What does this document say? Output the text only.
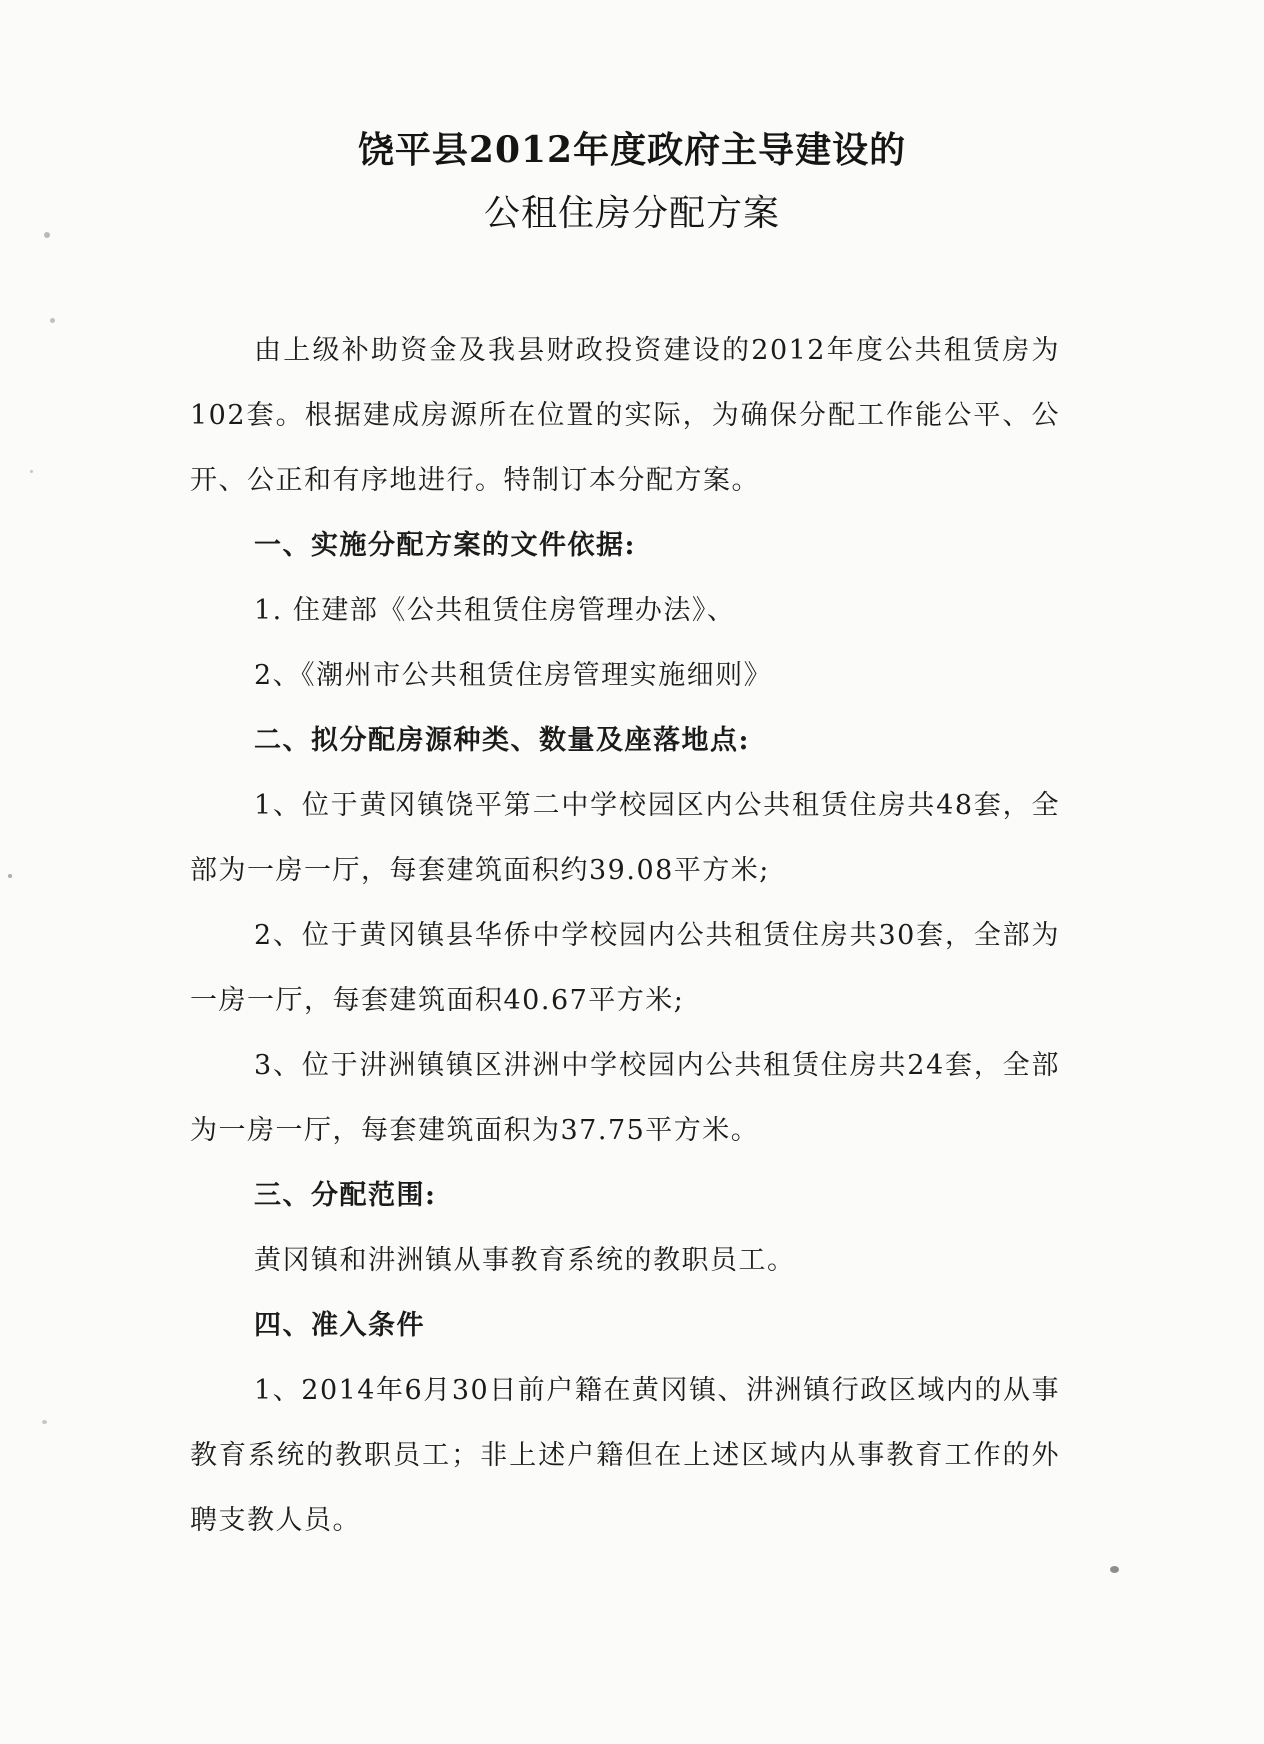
饶平县2012年度政府主导建设的
公租住房分配方案

由上级补助资金及我县财政投资建设的2012年度公共租赁房为102套。根据建成房源所在位置的实际，为确保分配工作能公平、公开、公正和有序地进行。特制订本分配方案。

一、实施分配方案的文件依据:

1. 住建部《公共租赁住房管理办法》、

2、《潮州市公共租赁住房管理实施细则》

二、拟分配房源种类、数量及座落地点:

1、位于黄冈镇饶平第二中学校园区内公共租赁住房共48套，全部为一房一厅，每套建筑面积约39.08平方米;

2、位于黄冈镇县华侨中学校园内公共租赁住房共30套，全部为一房一厅，每套建筑面积40.67平方米;

3、位于汫洲镇镇区汫洲中学校园内公共租赁住房共24套，全部为一房一厅，每套建筑面积为37.75平方米。

三、分配范围:

黄冈镇和汫洲镇从事教育系统的教职员工。

四、准入条件

1、2014年6月30日前户籍在黄冈镇、汫洲镇行政区域内的从事教育系统的教职员工；非上述户籍但在上述区域内从事教育工作的外聘支教人员。
